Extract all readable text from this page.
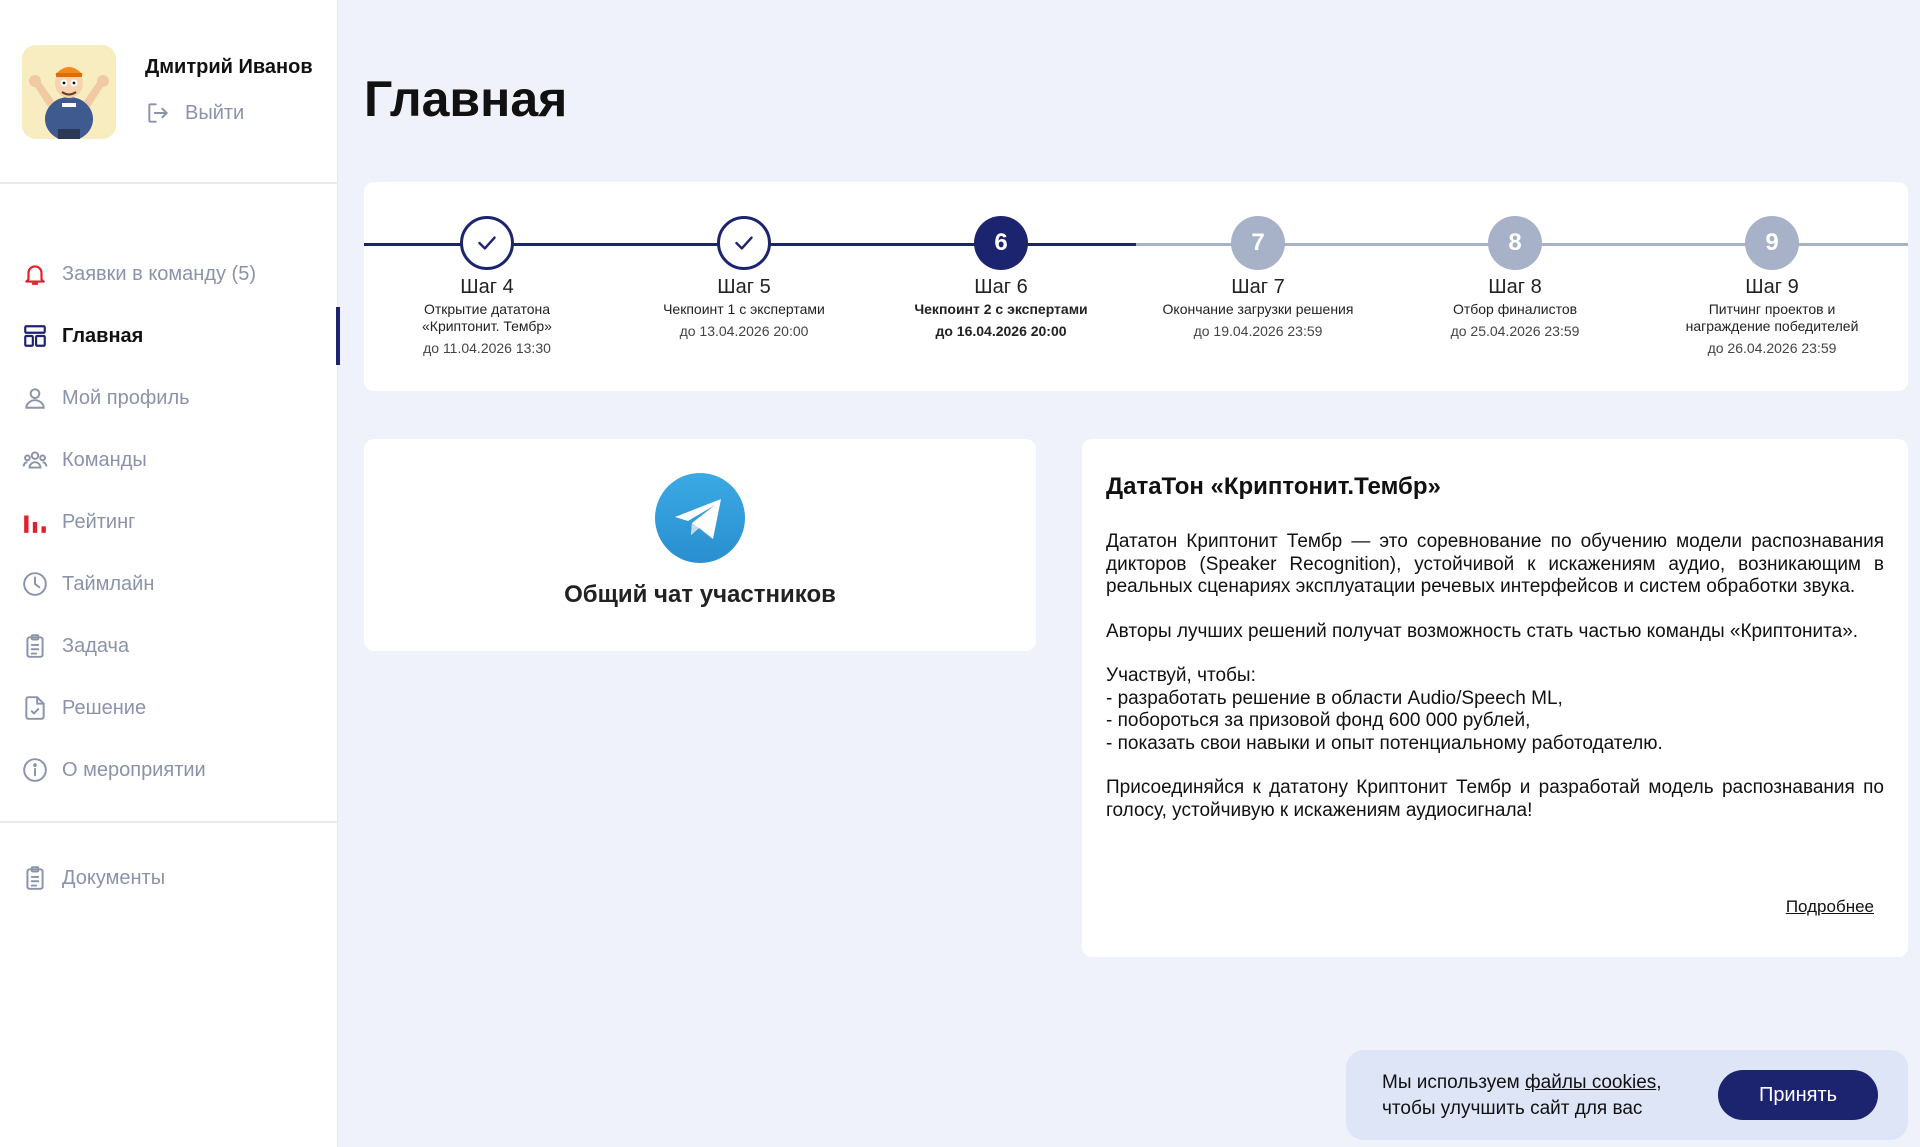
Дмитрий Иванов
Выйти
Заявки в команду (5)
Главная
Мой профиль
Команды
Рейтинг
Таймлайн
Задача
Решение
О мероприятии
Документы
Главная
Шаг 4
Открытие дататона «Криптонит. Тембр»
до 11.04.2026 13:30
Шаг 5
Чекпоинт 1 с экспертами
до 13.04.2026 20:00
6
Шаг 6
Чекпоинт 2 с экспертами
до 16.04.2026 20:00
7
Шаг 7
Окончание загрузки решения
до 19.04.2026 23:59
8
Шаг 8
Отбор финалистов
до 25.04.2026 23:59
9
Шаг 9
Питчинг проектов и награждение победителей
до 26.04.2026 23:59
Общий чат участников
ДатаТон «Криптонит.Тембр»

Дататон Криптонит Тембр — это соревнование по обучению модели распознавания дикторов (Speaker Recognition), устойчивой к искажениям аудио, возникающим в реальных сценариях эксплуатации речевых интерфейсов и систем обработки звука.

Авторы лучших решений получат возможность стать частью команды «Криптонита».

Участвуй, чтобы:
- разработать решение в области Audio/Speech ML,
- побороться за призовой фонд 600 000 рублей,
- показать свои навыки и опыт потенциальному работодателю.

Присоединяйся к дататону Криптонит Тембр и разработай модель распознавания по голосу, устойчивую к искажениям аудиосигнала!

Подробнее
Мы используем файлы cookies,
чтобы улучшить сайт для вас
Принять
